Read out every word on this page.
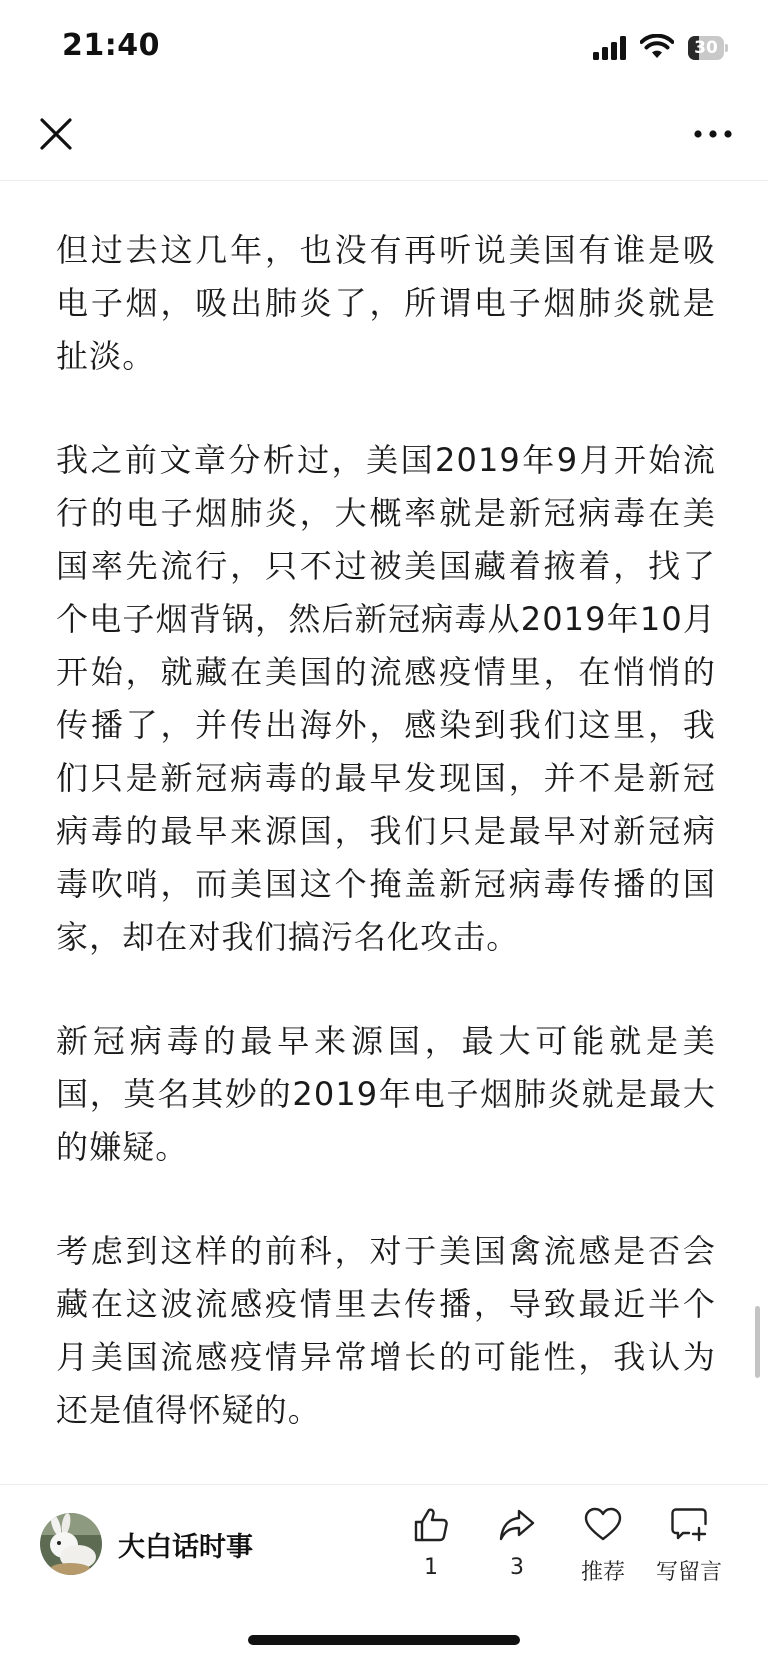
21:40	30

但过去这几年，也没有再听说美国有谁是吸电子烟，吸出肺炎了，所谓电子烟肺炎就是扯淡。

我之前文章分析过，美国2019年9月开始流行的电子烟肺炎，大概率就是新冠病毒在美国率先流行，只不过被美国藏着掖着，找了个电子烟背锅，然后新冠病毒从2019年10月开始，就藏在美国的流感疫情里，在悄悄的传播了，并传出海外，感染到我们这里，我们只是新冠病毒的最早发现国，并不是新冠病毒的最早来源国，我们只是最早对新冠病毒吹哨，而美国这个掩盖新冠病毒传播的国家，却在对我们搞污名化攻击。

新冠病毒的最早来源国，最大可能就是美国，莫名其妙的2019年电子烟肺炎就是最大的嫌疑。

考虑到这样的前科，对于美国禽流感是否会藏在这波流感疫情里去传播，导致最近半个月美国流感疫情异常增长的可能性，我认为还是值得怀疑的。

大白话时事
1	3	推荐	写留言
